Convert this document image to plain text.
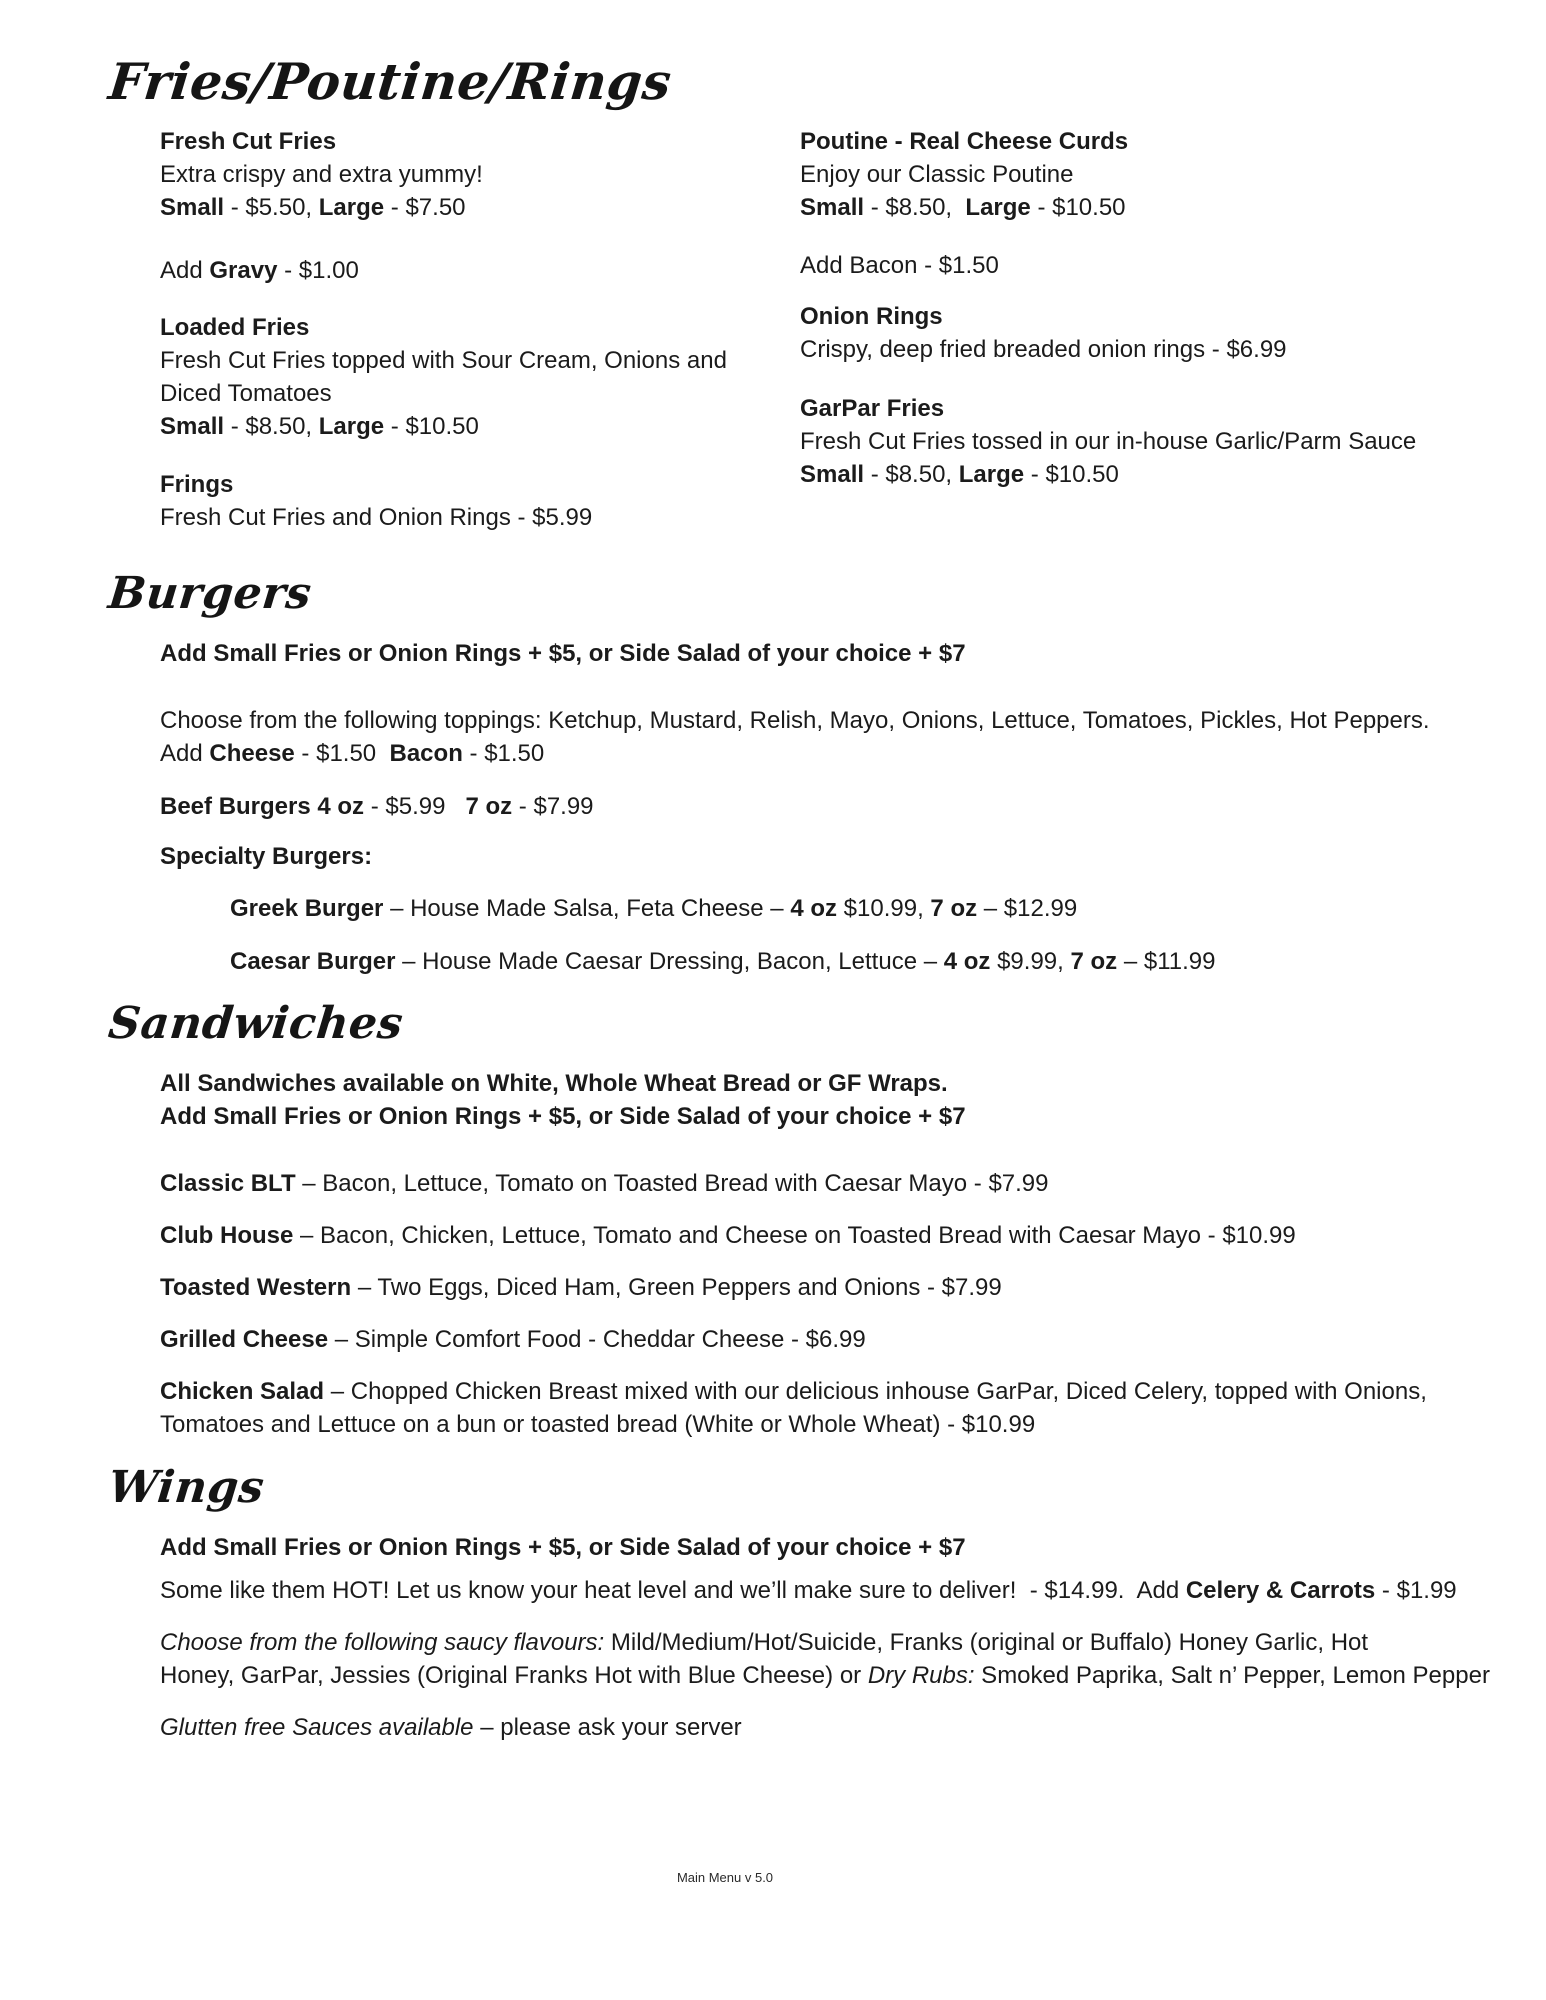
Fries/Poutine/Rings
Fresh Cut Fries
Extra crispy and extra yummy!
Small - $5.50, Large - $7.50
Add Gravy - $1.00
Loaded Fries
Fresh Cut Fries topped with Sour Cream, Onions and
Diced Tomatoes
Small - $8.50, Large - $10.50
Frings
Fresh Cut Fries and Onion Rings - $5.99
Poutine - Real Cheese Curds
Enjoy our Classic Poutine
Small - $8.50,  Large - $10.50
Add Bacon - $1.50
Onion Rings
Crispy, deep fried breaded onion rings - $6.99
GarPar Fries
Fresh Cut Fries tossed in our in-house Garlic/Parm Sauce
Small - $8.50, Large - $10.50
Burgers
Add Small Fries or Onion Rings + $5, or Side Salad of your choice + $7
Choose from the following toppings: Ketchup, Mustard, Relish, Mayo, Onions, Lettuce, Tomatoes, Pickles, Hot Peppers.
Add Cheese - $1.50  Bacon - $1.50
Beef Burgers 4 oz - $5.99   7 oz - $7.99
Specialty Burgers:
Greek Burger – House Made Salsa, Feta Cheese – 4 oz $10.99, 7 oz – $12.99
Caesar Burger – House Made Caesar Dressing, Bacon, Lettuce – 4 oz $9.99, 7 oz – $11.99
Sandwiches
All Sandwiches available on White, Whole Wheat Bread or GF Wraps.
Add Small Fries or Onion Rings + $5, or Side Salad of your choice + $7
Classic BLT – Bacon, Lettuce, Tomato on Toasted Bread with Caesar Mayo - $7.99
Club House – Bacon, Chicken, Lettuce, Tomato and Cheese on Toasted Bread with Caesar Mayo - $10.99
Toasted Western – Two Eggs, Diced Ham, Green Peppers and Onions - $7.99
Grilled Cheese – Simple Comfort Food - Cheddar Cheese - $6.99
Chicken Salad – Chopped Chicken Breast mixed with our delicious inhouse GarPar, Diced Celery, topped with Onions,
Tomatoes and Lettuce on a bun or toasted bread (White or Whole Wheat) - $10.99
Wings
Add Small Fries or Onion Rings + $5, or Side Salad of your choice + $7
Some like them HOT! Let us know your heat level and we’ll make sure to deliver!  - $14.99.  Add Celery & Carrots - $1.99
Choose from the following saucy flavours: Mild/Medium/Hot/Suicide, Franks (original or Buffalo) Honey Garlic, Hot
Honey, GarPar, Jessies (Original Franks Hot with Blue Cheese) or Dry Rubs: Smoked Paprika, Salt n’ Pepper, Lemon Pepper
Glutten free Sauces available – please ask your server
Main Menu v 5.0
